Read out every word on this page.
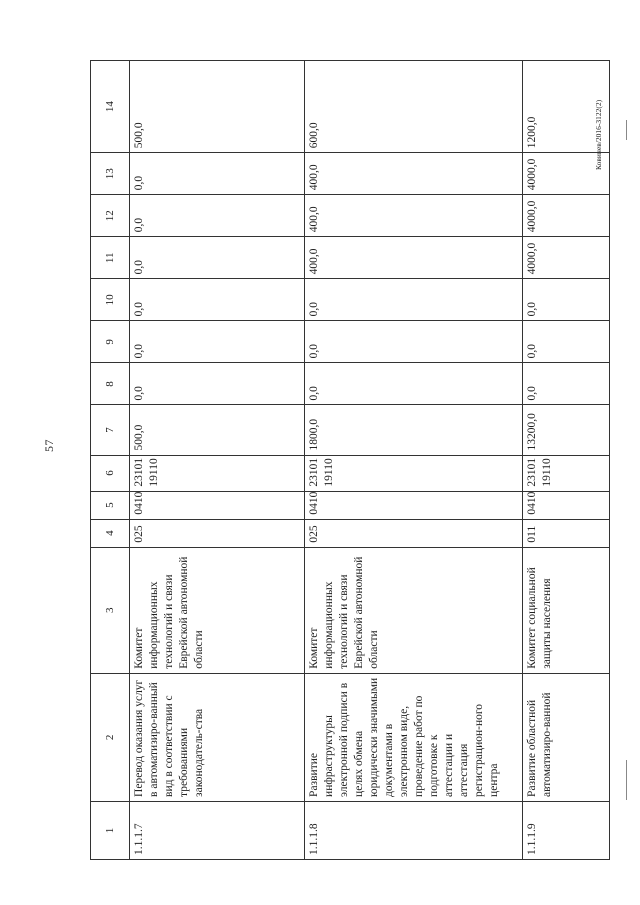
57
Ковинев/2016-3122(2)
1	2	3	4	5	6	7	8	9	10	11	12	13	14
1.1.1.7	Перевод оказания услуг в автоматизиро-ванный вид в соответствии с требованиями законодатель-ства	Комитет информационных технологий и связи Еврейской автономной области	025	0410	23101 19110	500,0	0,0	0,0	0,0	0,0	0,0	0,0	500,0
1.1.1.8	Развитие инфраструктуры электронной подписи в целях обмена юридически значимыми документами в электронном виде, проведение работ по подготовке к аттестации и аттестация регистрацион-ного центра	Комитет информационных технологий и связи Еврейской автономной области	025	0410	23101 19110	1800,0	0,0	0,0	0,0	400,0	400,0	400,0	600,0
1.1.1.9	Развитие областной автоматизиро-ванной	Комитет социальной защиты населения	011	0410	23101 19110	13200,0	0,0	0,0	0,0	4000,0	4000,0	4000,0	1200,0
